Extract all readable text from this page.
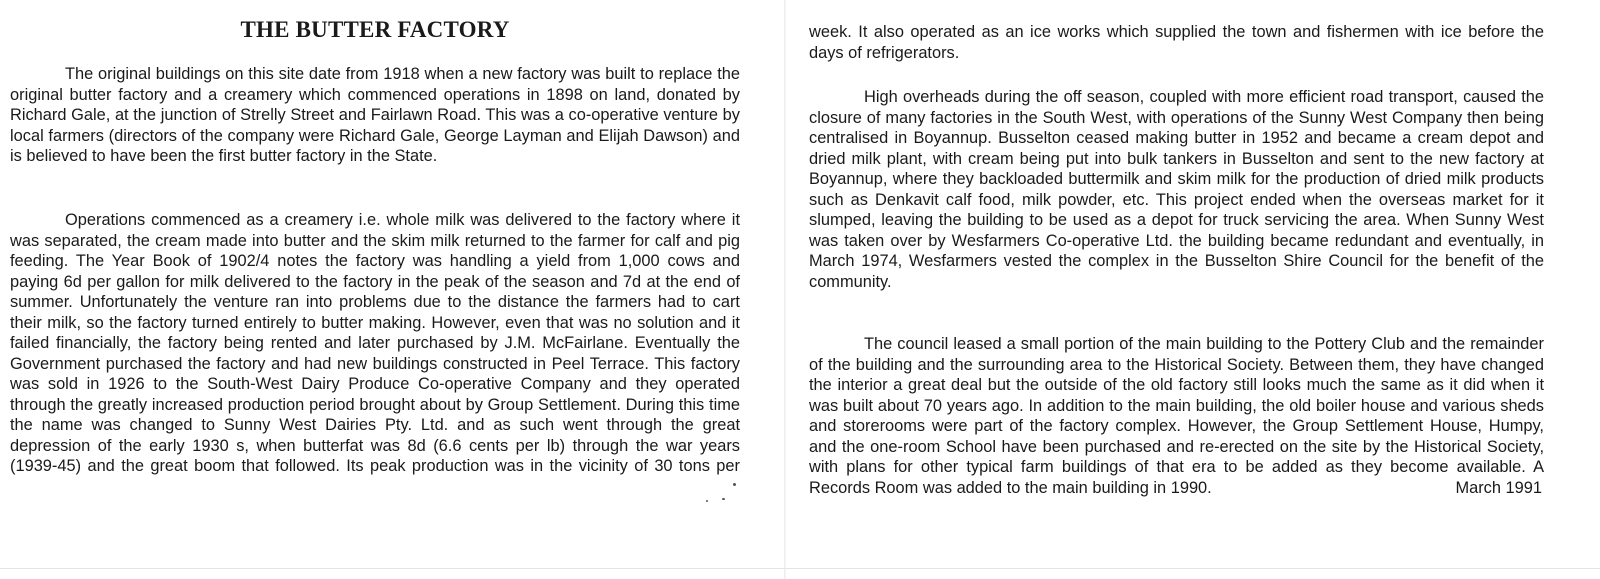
THE BUTTER FACTORY

The original buildings on this site date from 1918 when a new factory was built to replace the original butter factory and a creamery which commenced operations in 1898 on land, donated by Richard Gale, at the junction of Strelly Street and Fairlawn Road. This was a co-operative venture by local farmers (directors of the company were Richard Gale, George Layman and Elijah Dawson) and is believed to have been the first butter factory in the State.

Operations commenced as a creamery i.e. whole milk was delivered to the factory where it was separated, the cream made into butter and the skim milk returned to the farmer for calf and pig feeding. The Year Book of 1902/4 notes the factory was handling a yield from 1,000 cows and paying 6d per gallon for milk delivered to the factory in the peak of the season and 7d at the end of summer. Unfortunately the venture ran into problems due to the distance the farmers had to cart their milk, so the factory turned entirely to butter making. However, even that was no solution and it failed financially, the factory being rented and later purchased by J.M. McFairlane. Eventually the Government purchased the factory and had new buildings constructed in Peel Terrace. This factory was sold in 1926 to the South-West Dairy Produce Co-operative Company and they operated through the greatly increased production period brought about by Group Settlement. During this time the name was changed to Sunny West Dairies Pty. Ltd. and as such went through the great depression of the early 1930 s, when butterfat was 8d (6.6 cents per lb) through the war years (1939-45) and the great boom that followed. Its peak production was in the vicinity of 30 tons per

week. It also operated as an ice works which supplied the town and fishermen with ice before the days of refrigerators.

High overheads during the off season, coupled with more efficient road transport, caused the closure of many factories in the South West, with operations of the Sunny West Company then being centralised in Boyannup. Busselton ceased making butter in 1952 and became a cream depot and dried milk plant, with cream being put into bulk tankers in Busselton and sent to the new factory at Boyannup, where they backloaded buttermilk and skim milk for the production of dried milk products such as Denkavit calf food, milk powder, etc. This project ended when the overseas market for it slumped, leaving the building to be used as a depot for truck servicing the area. When Sunny West was taken over by Wesfarmers Co-operative Ltd. the building became redundant and eventually, in March 1974, Wesfarmers vested the complex in the Busselton Shire Council for the benefit of the community.

The council leased a small portion of the main building to the Pottery Club and the remainder of the building and the surrounding area to the Historical Society. Between them, they have changed the interior a great deal but the outside of the old factory still looks much the same as it did when it was built about 70 years ago. In addition to the main building, the old boiler house and various sheds and storerooms were part of the factory complex. However, the Group Settlement House, Humpy, and the one-room School have been purchased and re-erected on the site by the Historical Society, with plans for other typical farm buildings of that era to be added as they become available. A Records Room was added to the main building in 1990.	March 1991
